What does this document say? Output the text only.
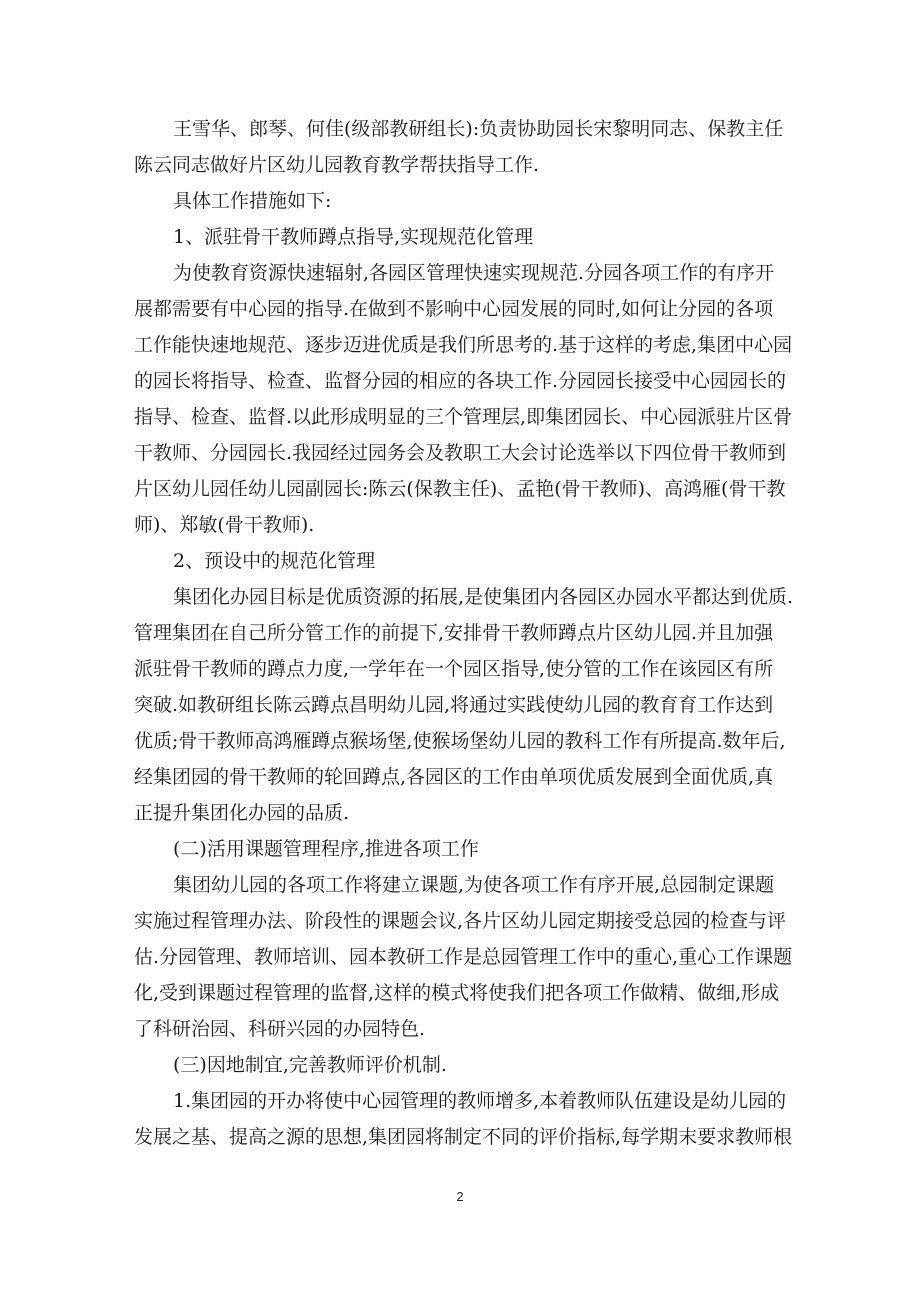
王雪华、郎琴、何佳(级部教研组长):负责协助园长宋黎明同志、保教主任
陈云同志做好片区幼儿园教育教学帮扶指导工作.
具体工作措施如下:
1、派驻骨干教师蹲点指导,实现规范化管理
为使教育资源快速辐射,各园区管理快速实现规范.分园各项工作的有序开
展都需要有中心园的指导.在做到不影响中心园发展的同时,如何让分园的各项
工作能快速地规范、逐步迈进优质是我们所思考的.基于这样的考虑,集团中心园
的园长将指导、检查、监督分园的相应的各块工作.分园园长接受中心园园长的
指导、检查、监督.以此形成明显的三个管理层,即集团园长、中心园派驻片区骨
干教师、分园园长.我园经过园务会及教职工大会讨论选举以下四位骨干教师到
片区幼儿园任幼儿园副园长:陈云(保教主任)、孟艳(骨干教师)、高鸿雁(骨干教
师)、郑敏(骨干教师).
2、预设中的规范化管理
集团化办园目标是优质资源的拓展,是使集团内各园区办园水平都达到优质.
管理集团在自己所分管工作的前提下,安排骨干教师蹲点片区幼儿园.并且加强
派驻骨干教师的蹲点力度,一学年在一个园区指导,使分管的工作在该园区有所
突破.如教研组长陈云蹲点昌明幼儿园,将通过实践使幼儿园的教育育工作达到
优质;骨干教师高鸿雁蹲点猴场堡,使猴场堡幼儿园的教科工作有所提高.数年后,
经集团园的骨干教师的轮回蹲点,各园区的工作由单项优质发展到全面优质,真
正提升集团化办园的品质.
(二)活用课题管理程序,推进各项工作
集团幼儿园的各项工作将建立课题,为使各项工作有序开展,总园制定课题
实施过程管理办法、阶段性的课题会议,各片区幼儿园定期接受总园的检查与评
估.分园管理、教师培训、园本教研工作是总园管理工作中的重心,重心工作课题
化,受到课题过程管理的监督,这样的模式将使我们把各项工作做精、做细,形成
了科研治园、科研兴园的办园特色.
(三)因地制宜,完善教师评价机制.
1.集团园的开办将使中心园管理的教师增多,本着教师队伍建设是幼儿园的
发展之基、提高之源的思想,集团园将制定不同的评价指标,每学期末要求教师根
2
